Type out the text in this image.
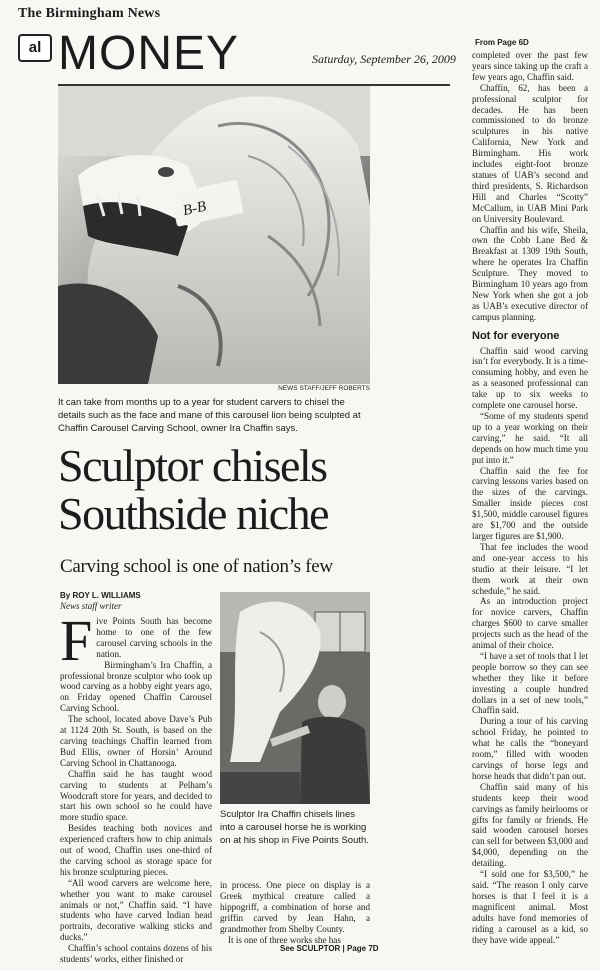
The Birmingham News
al MONEY	Saturday, September 26, 2009
B-B
NEWS STAFF/JEFF ROBERTS
It can take from months up to a year for student carvers to chisel the details such as the face and mane of this carousel lion being sculpted at Chaffin Carousel Carving School, owner Ira Chaffin says.
Sculptor chisels
Southside niche
Carving school is one of nation’s few
By ROY L. WILLIAMS
News staff writer

Five Points South has become home to one of the few carousel carving schools in the nation.

Birmingham’s Ira Chaffin, a professional bronze sculptor who took up wood carving as a hobby eight years ago, on Friday opened Chaffin Carousel Carving School.

The school, located above Dave’s Pub at 1124 20th St. South, is based on the carving teachings Chaffin learned from Bud Ellis, owner of Horsin’ Around Carving School in Chattanooga.

Chaffin said he has taught wood carving to students at Pelham’s Woodcraft store for years, and decided to start his own school so he could have more studio space.

Besides teaching both novices and experienced crafters how to chip animals out of wood, Chaffin uses one-third of the carving school as storage space for his bronze sculpturing pieces.

“All wood carvers are welcome here, whether you want to make carousel animals or not,” Chaffin said. “I have students who have carved Indian head portraits, decorative walking sticks and ducks.”

Chaffin’s school contains dozens of his students’ works, either finished or

Sculptor Ira Chaffin chisels lines into a carousel horse he is working on at his shop in Five Points South.

in process. One piece on display is a Greek mythical creature called a hippogriff, a combination of horse and griffin carved by Jean Hahn, a grandmother from Shelby County.

It is one of three works she has

See SCULPTOR | Page 7D
From Page 6D

completed over the past few years since taking up the craft a few years ago, Chaffin said.

Chaffin, 62, has been a professional sculptor for decades. He has been commissioned to do bronze sculptures in his native California, New York and Birmingham. His work includes eight-foot bronze statues of UAB’s second and third presidents, S. Richardson Hill and Charles “Scotty” McCallum, in UAB Mini Park on University Boulevard.

Chaffin and his wife, Sheila, own the Cobb Lane Bed & Breakfast at 1309 19th South, where he operates Ira Chaffin Sculpture. They moved to Birmingham 10 years ago from New York when she got a job as UAB’s executive director of campus planning.

Not for everyone

Chaffin said wood carving isn’t for everybody. It is a time-consuming hobby, and even he as a seasoned professional can take up to six weeks to complete one carousel horse.

“Some of my students spend up to a year working on their carving,” he said. “It all depends on how much time you put into it.”

Chaffin said the fee for carving lessons varies based on the sizes of the carvings. Smaller inside pieces cost $1,500, middle carousel figures are $1,700 and the outside larger figures are $1,900.

That fee includes the wood and one-year access to his studio at their leisure. “I let them work at their own schedule,” he said.

As an introduction project for novice carvers, Chaffin charges $600 to carve smaller projects such as the head of the animal of their choice.

“I have a set of tools that I let people borrow so they can see whether they like it before investing a couple hundred dollars in a set of new tools,” Chaffin said.

During a tour of his carving school Friday, he pointed to what he calls the “boneyard room,” filled with wooden carvings of horse legs and horse heads that didn’t pan out.

Chaffin said many of his students keep their wood carvings as family heirlooms or gifts for family or friends. He said wooden carousel horses can sell for between $3,000 and $4,000, depending on the detailing.

“I sold one for $3,500,” he said. “The reason I only carve horses is that I feel it is a magnificent animal. Most adults have fond memories of riding a carousel as a kid, so they have wide appeal.”
